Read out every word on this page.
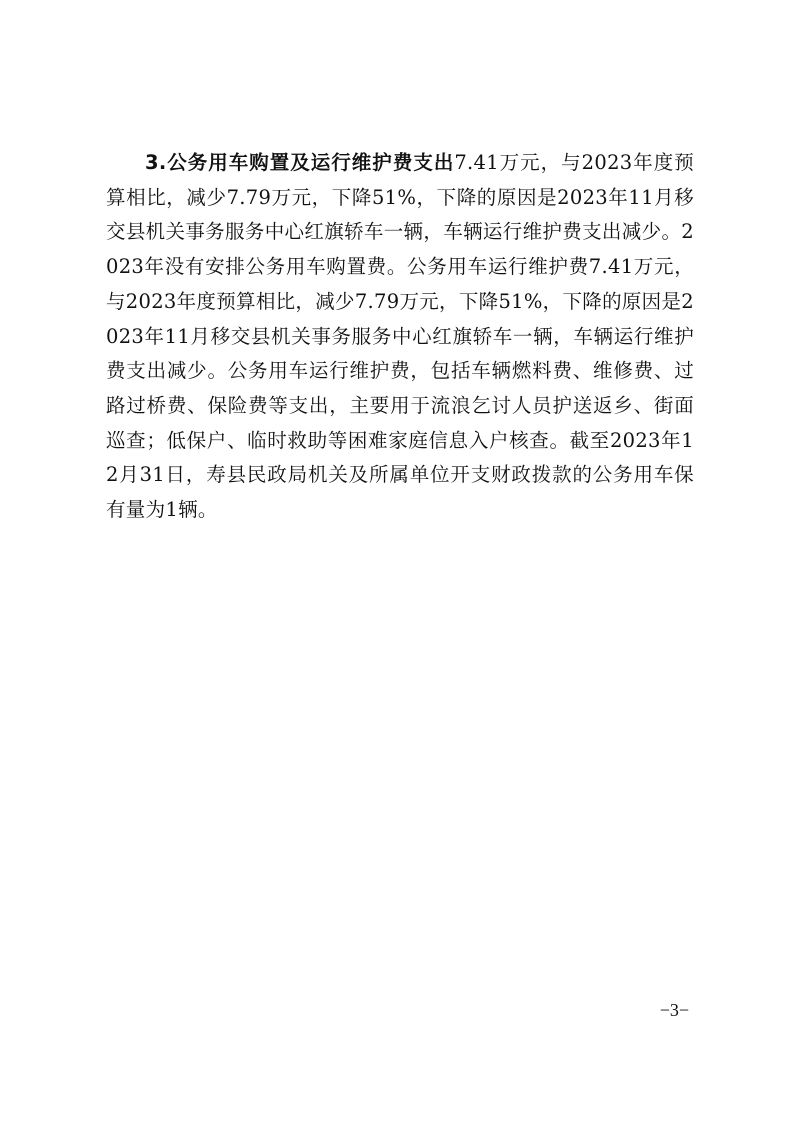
3.公务用车购置及运行维护费支出7.41万元，与2023年度预算相比，减少7.79万元，下降51%，下降的原因是2023年11月移交县机关事务服务中心红旗轿车一辆，车辆运行维护费支出减少。2023年没有安排公务用车购置费。公务用车运行维护费7.41万元，与2023年度预算相比，减少7.79万元，下降51%，下降的原因是2023年11月移交县机关事务服务中心红旗轿车一辆，车辆运行维护费支出减少。公务用车运行维护费，包括车辆燃料费、维修费、过路过桥费、保险费等支出，主要用于流浪乞讨人员护送返乡、街面巡查；低保户、临时救助等困难家庭信息入户核查。截至2023年12月31日，寿县民政局机关及所属单位开支财政拨款的公务用车保有量为1辆。

−3−
